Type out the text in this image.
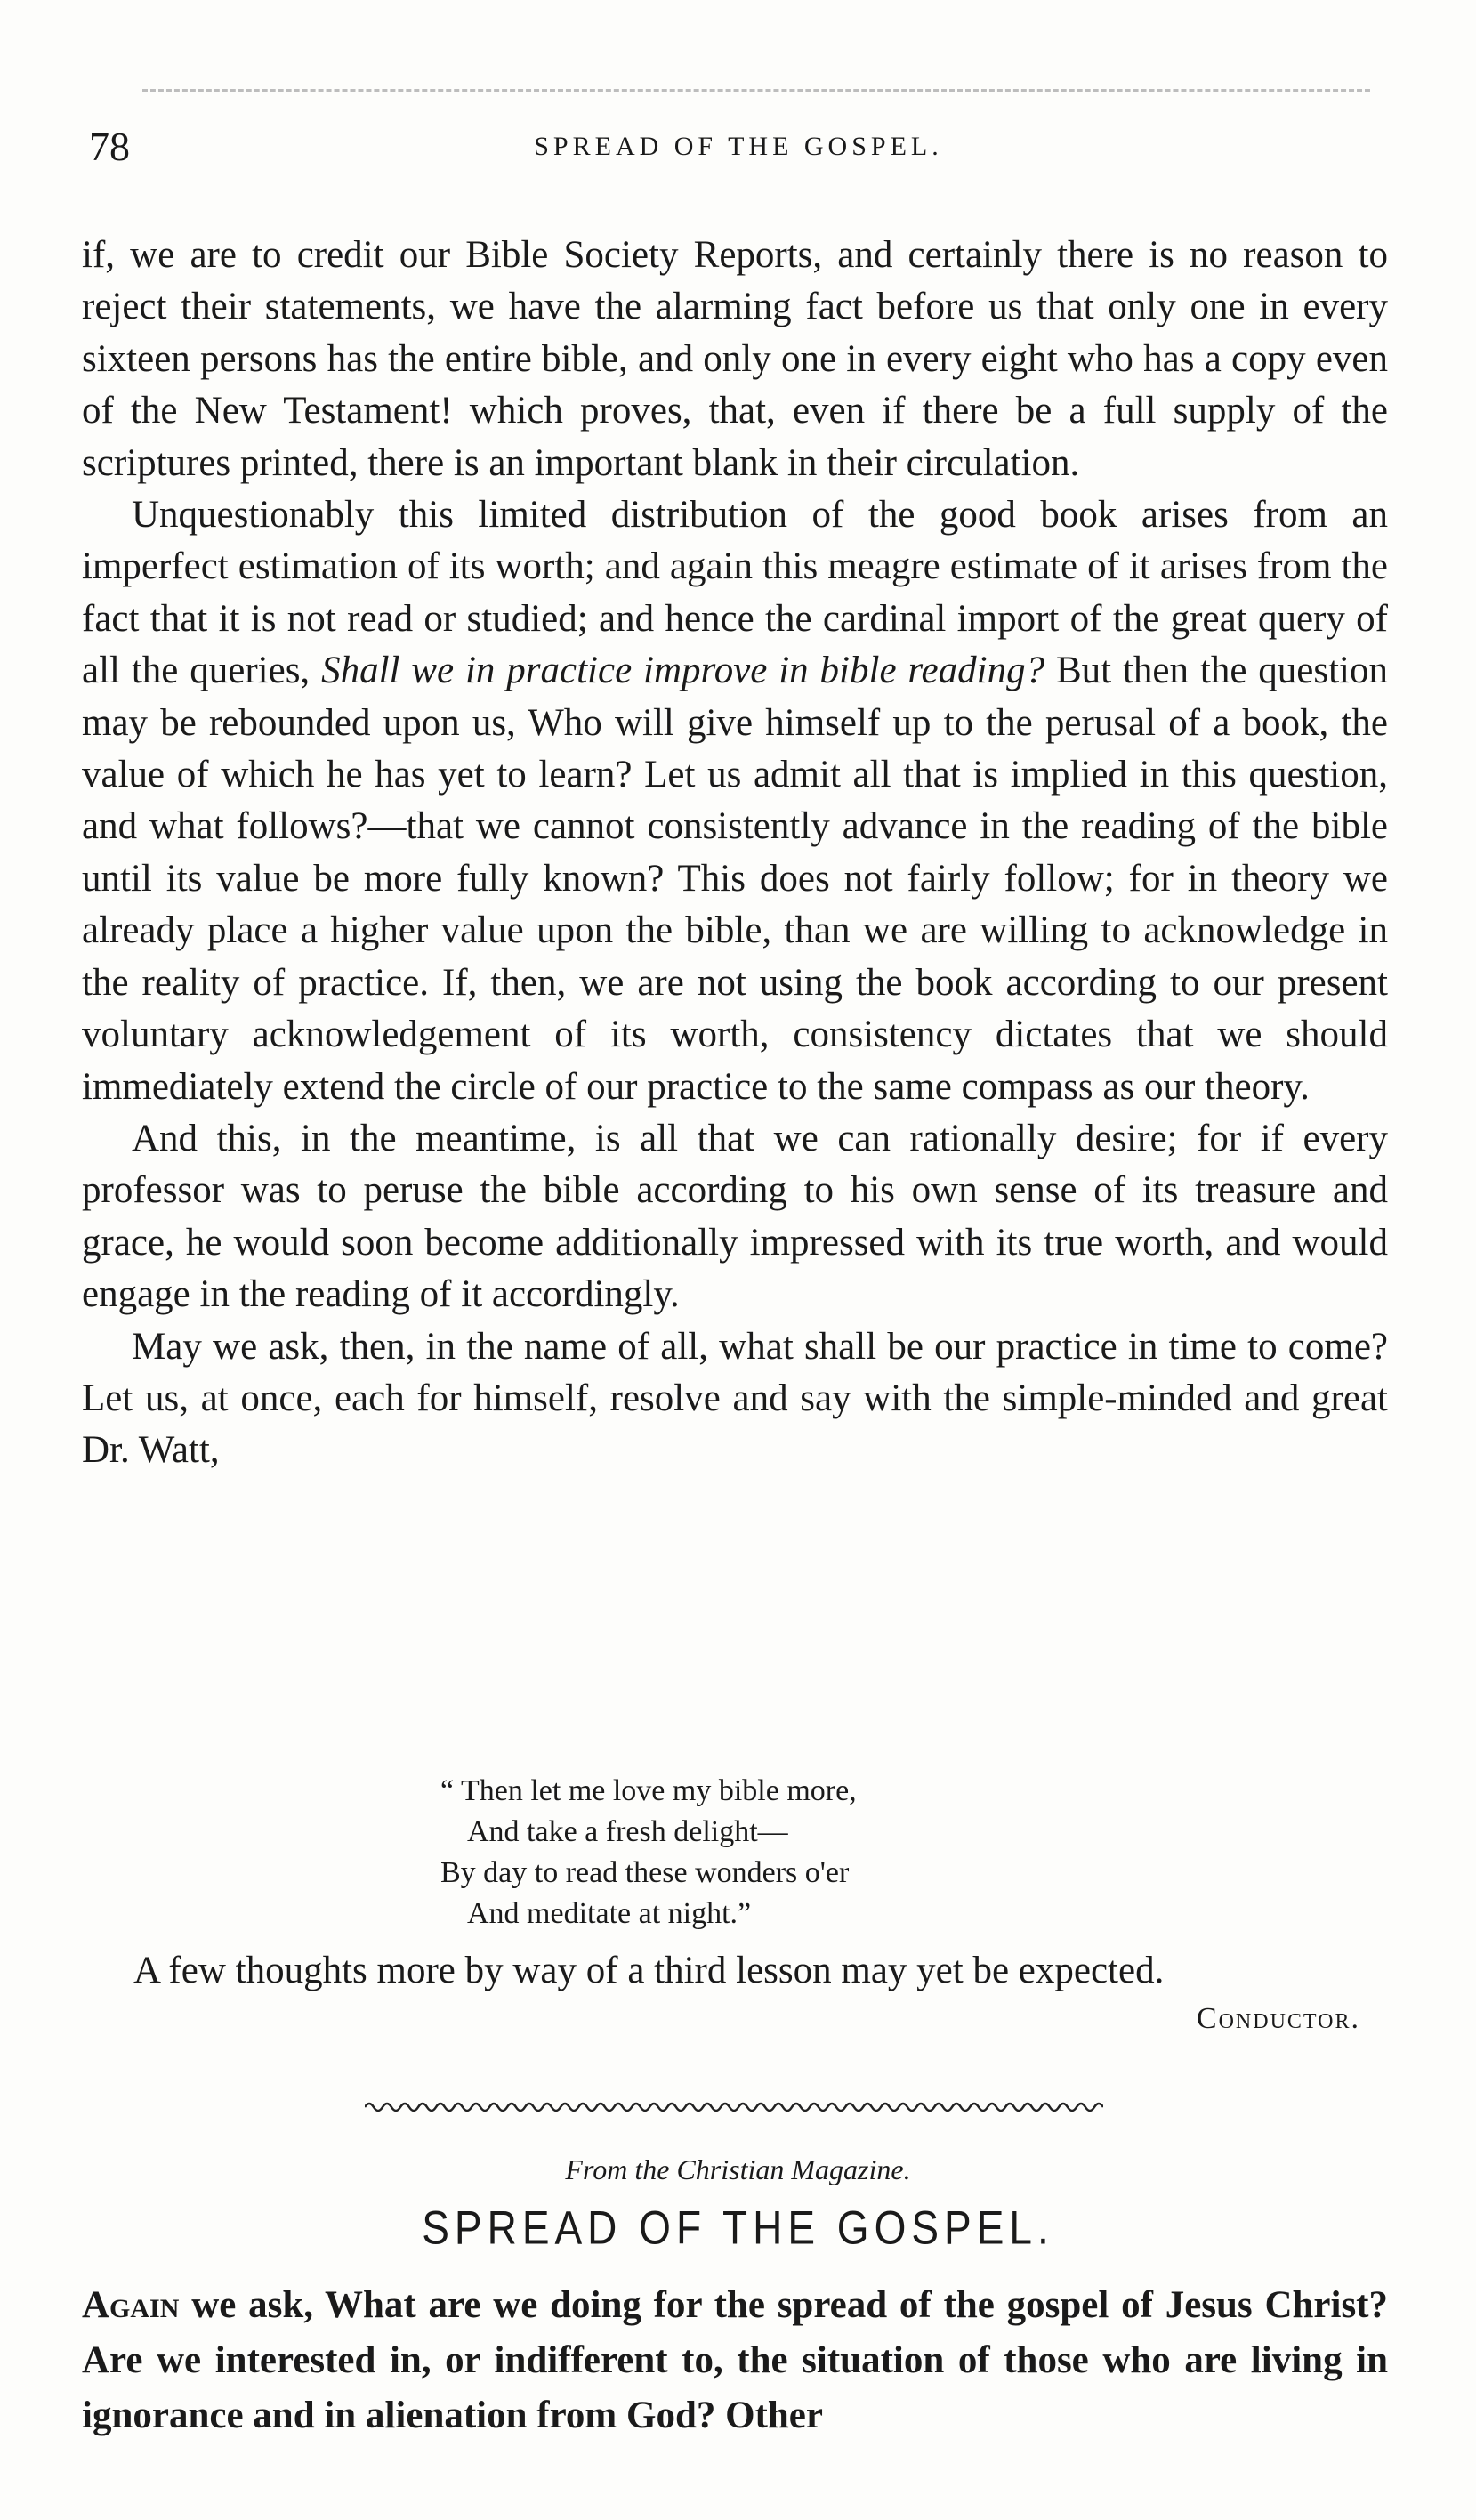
78	SPREAD OF THE GOSPEL.

if, we are to credit our Bible Society Reports, and certainly there is no reason to reject their statements, we have the alarming fact before us that only one in every sixteen persons has the entire bible, and only one in every eight who has a copy even of the New Testament! which proves, that, even if there be a full supply of the scriptures printed, there is an important blank in their circulation.

Unquestionably this limited distribution of the good book arises from an imperfect estimation of its worth; and again this meagre estimate of it arises from the fact that it is not read or studied; and hence the cardinal import of the great query of all the queries, Shall we in practice improve in bible reading? But then the question may be rebounded upon us, Who will give himself up to the perusal of a book, the value of which he has yet to learn? Let us admit all that is implied in this question, and what follows?—that we cannot consistently advance in the reading of the bible until its value be more fully known? This does not fairly follow; for in theory we already place a higher value upon the bible, than we are willing to acknowledge in the reality of practice. If, then, we are not using the book according to our present voluntary acknowledgement of its worth, consistency dictates that we should immediately extend the circle of our practice to the same compass as our theory.

And this, in the meantime, is all that we can rationally desire; for if every professor was to peruse the bible according to his own sense of its treasure and grace, he would soon become additionally impressed with its true worth, and would engage in the reading of it accordingly.

May we ask, then, in the name of all, what shall be our practice in time to come? Let us, at once, each for himself, resolve and say with the simple-minded and great Dr. Watt,

“ Then let me love my bible more,
And take a fresh delight—
By day to read these wonders o'er
And meditate at night.”
A few thoughts more by way of a third lesson may yet be expected.
Conductor.
From the Christian Magazine.
SPREAD OF THE GOSPEL.
Again we ask, What are we doing for the spread of the gospel of Jesus Christ? Are we interested in, or indifferent to, the situation of those who are living in ignorance and in alienation from God? Other
